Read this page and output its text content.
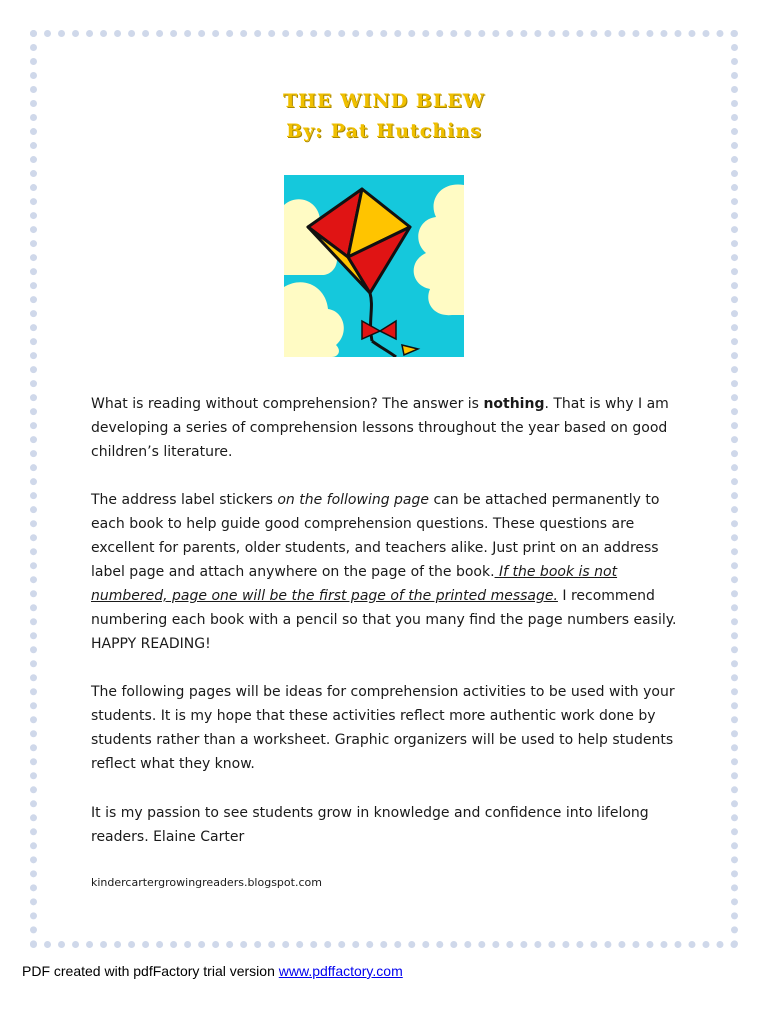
THE WIND BLEW
By: Pat Hutchins
What is reading without comprehension? The answer is nothing. That is why I am developing a series of comprehension lessons throughout the year based on good children’s literature.
The address label stickers on the following page can be attached permanently to each book to help guide good comprehension questions. These questions are excellent for parents, older students, and teachers alike. Just print on an address label page and attach anywhere on the page of the book. If the book is not numbered, page one will be the first page of the printed message. I recommend numbering each book with a pencil so that you many find the page numbers easily. HAPPY READING!
The following pages will be ideas for comprehension activities to be used with your students. It is my hope that these activities reflect more authentic work done by students rather than a worksheet. Graphic organizers will be used to help students reflect what they know.
It is my passion to see students grow in knowledge and confidence into lifelong readers. Elaine Carter
kindercartergrowingreaders.blogspot.com
PDF created with pdfFactory trial version www.pdffactory.com
